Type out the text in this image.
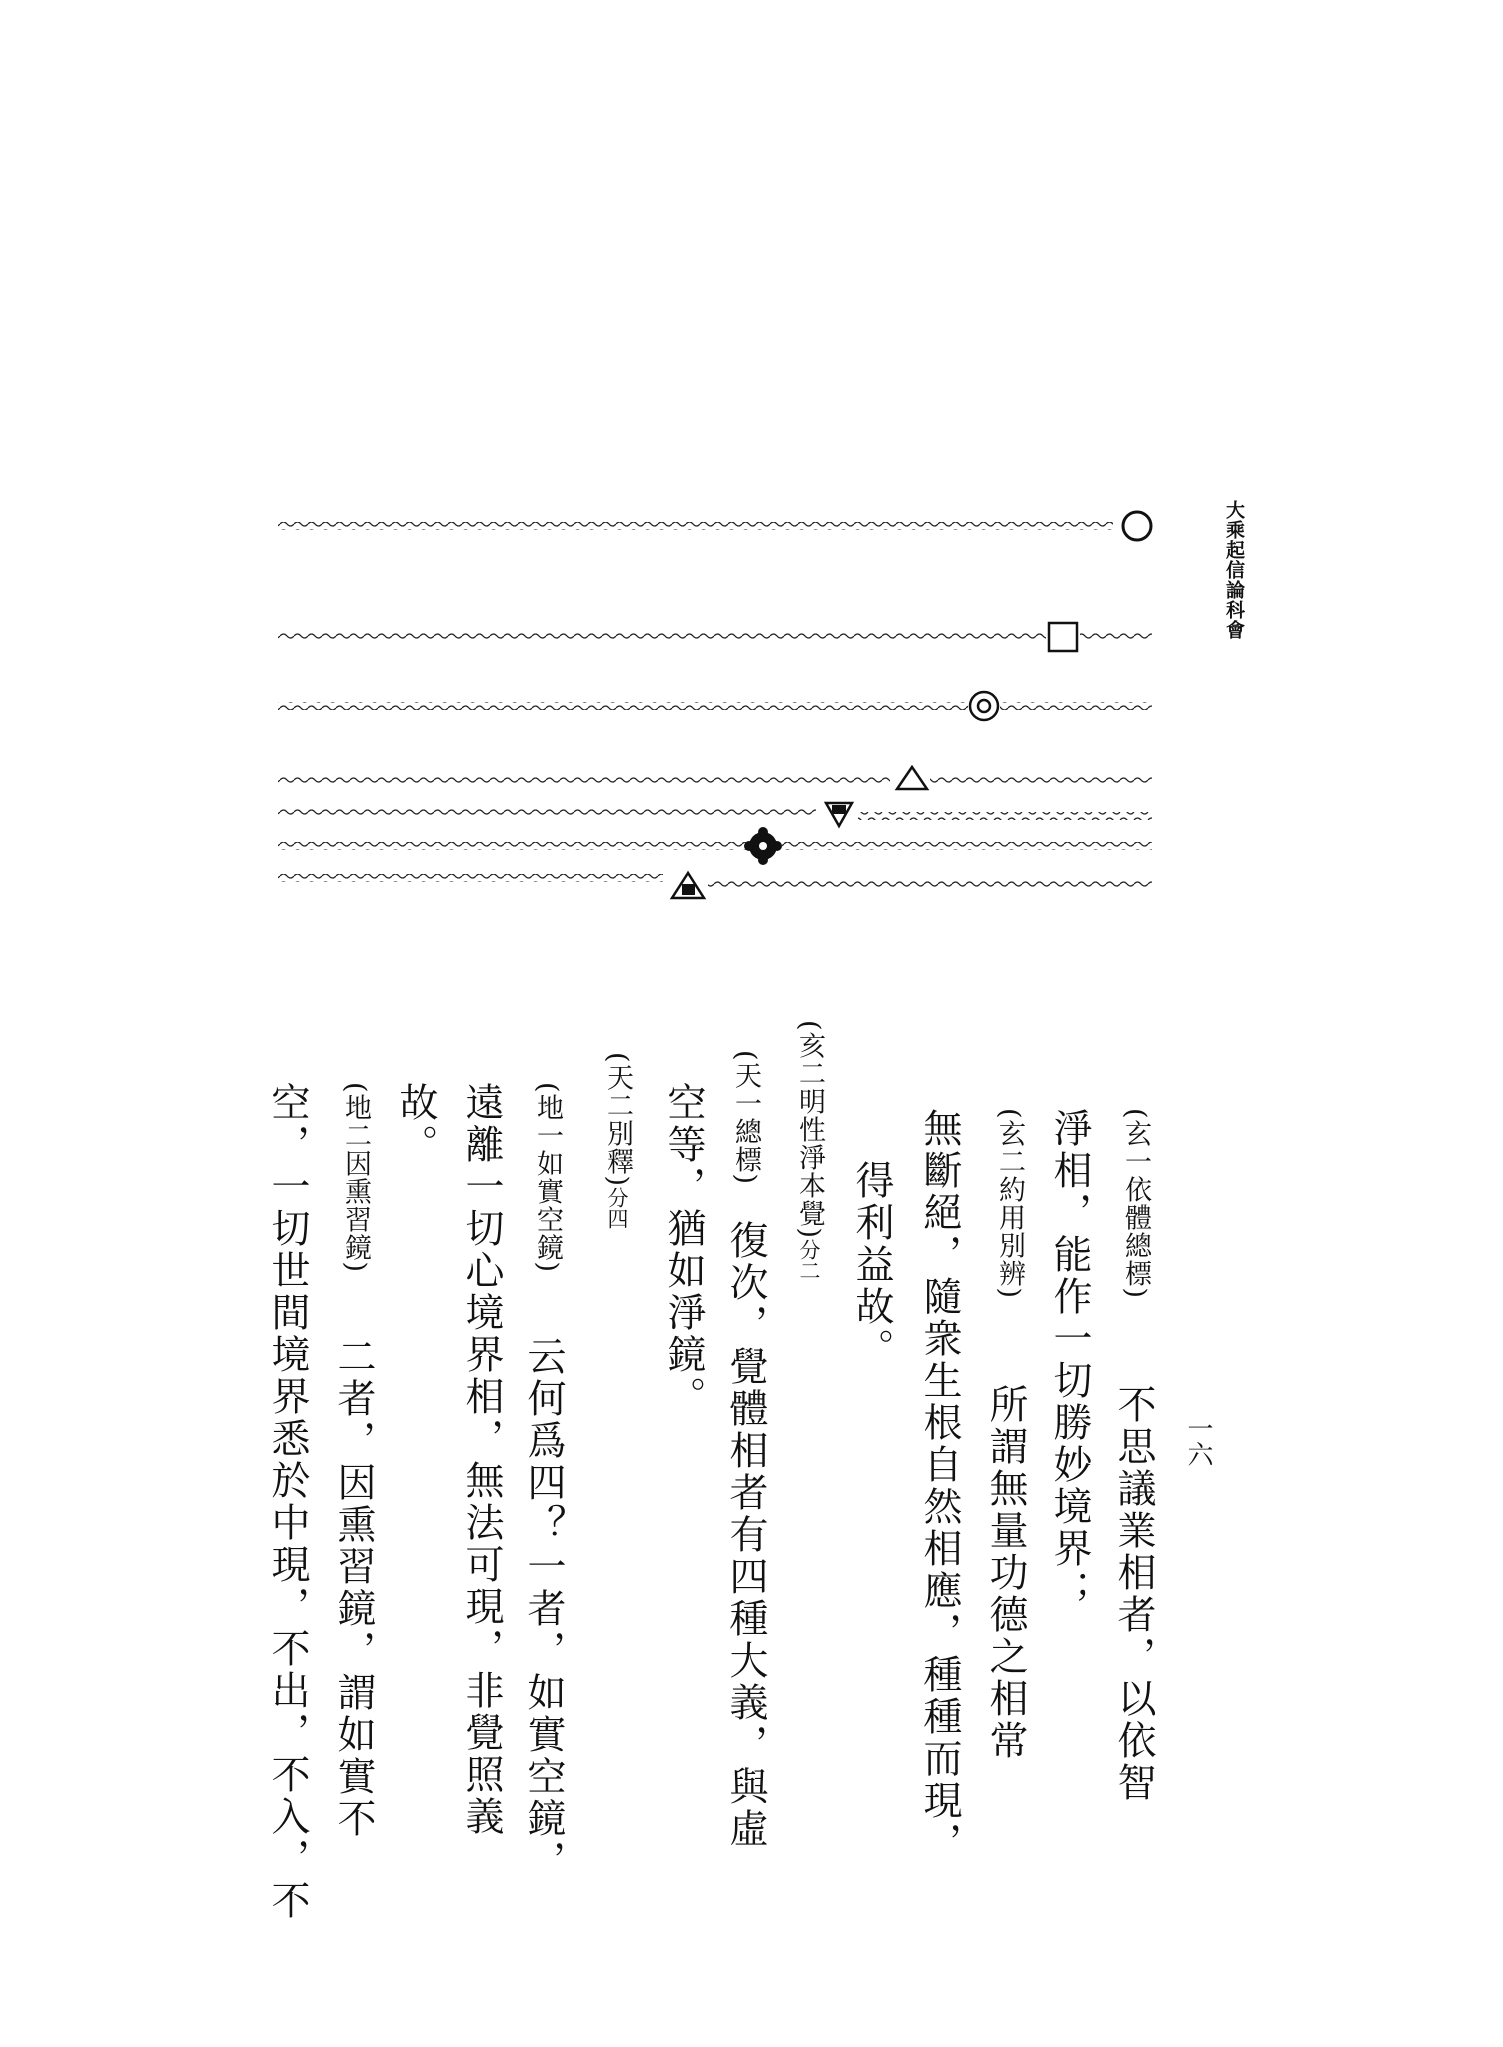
大乘起信論科會
一六
(玄一依體總標)
不思議業相者，以依智
淨相，能作一切勝妙境界；
(玄二約用別辨)
所謂無量功德之相常
無斷絕，隨衆生根自然相應，種種而現，
得利益故。
(亥二明性淨本覺)分二
(天一總標)
復次，覺體相者有四種大義，與虛
空等，猶如淨鏡。
(天二別釋)分四
(地一如實空鏡)
云何爲四？一者，如實空鏡，
遠離一切心境界相，無法可現，非覺照義
故。
(地二因熏習鏡)
二者，因熏習鏡，謂如實不
空，一切世間境界悉於中現，不出，不入，不
